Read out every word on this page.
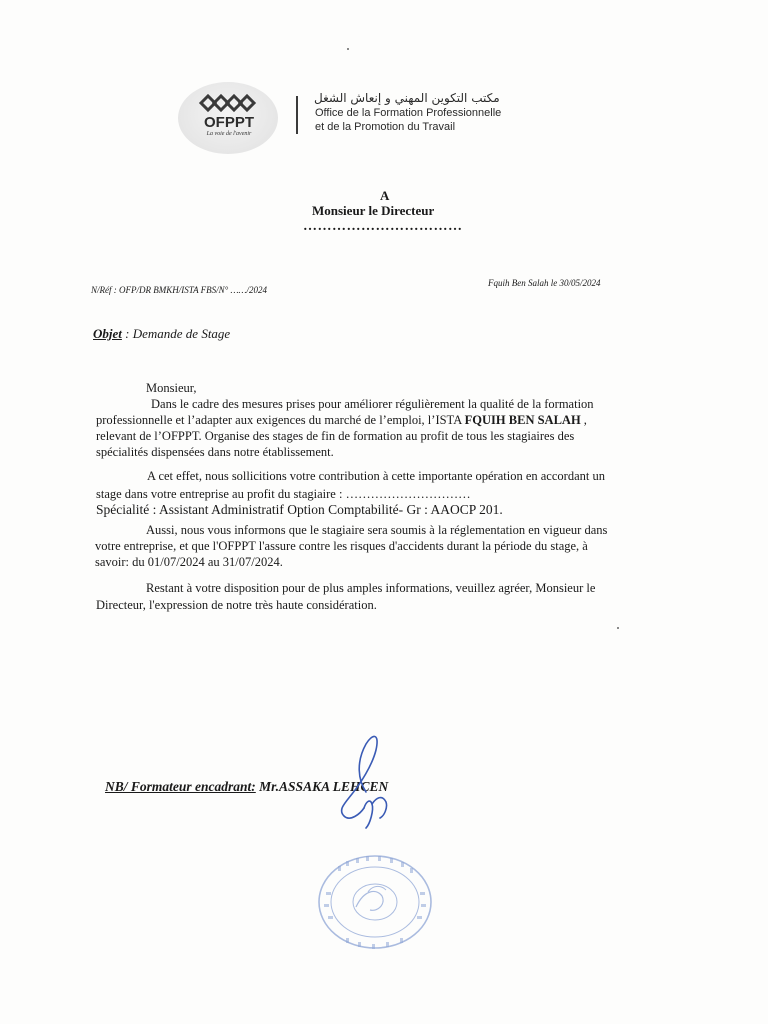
OFPPT
La voie de l'avenir
مكتب التكوين المهني و إنعاش الشغل
Office de la Formation Professionnelle
et de la Promotion du Travail
A
Monsieur le Directeur
……………………………
N/Réf : OFP/DR BMKH/ISTA FBS/N° ……/2024
Fquih Ben Salah le 30/05/2024
Objet : Demande de Stage
Monsieur,
Dans le cadre des mesures prises pour améliorer régulièrement la qualité de la formation
professionnelle et l’adapter aux exigences du marché de l’emploi, l’ISTA FQUIH BEN SALAH ,
relevant de l’OFPPT. Organise des stages de fin de formation au profit de tous les stagiaires des
spécialités dispensées dans notre établissement.
A cet effet, nous sollicitions votre contribution à cette importante opération en accordant un
stage dans votre entreprise au profit du stagiaire : …………………………
Spécialité : Assistant Administratif Option Comptabilité- Gr : AAOCP 201.
Aussi, nous vous informons que le stagiaire sera soumis à la réglementation en vigueur dans
votre entreprise, et que l'OFPPT l'assure contre les risques d'accidents durant la période du stage, à
savoir: du 01/07/2024 au 31/07/2024.
Restant à votre disposition pour de plus amples informations, veuillez agréer, Monsieur le
Directeur, l'expression de notre très haute considération.
NB/ Formateur encadrant: Mr.ASSAKA LEHCEN
